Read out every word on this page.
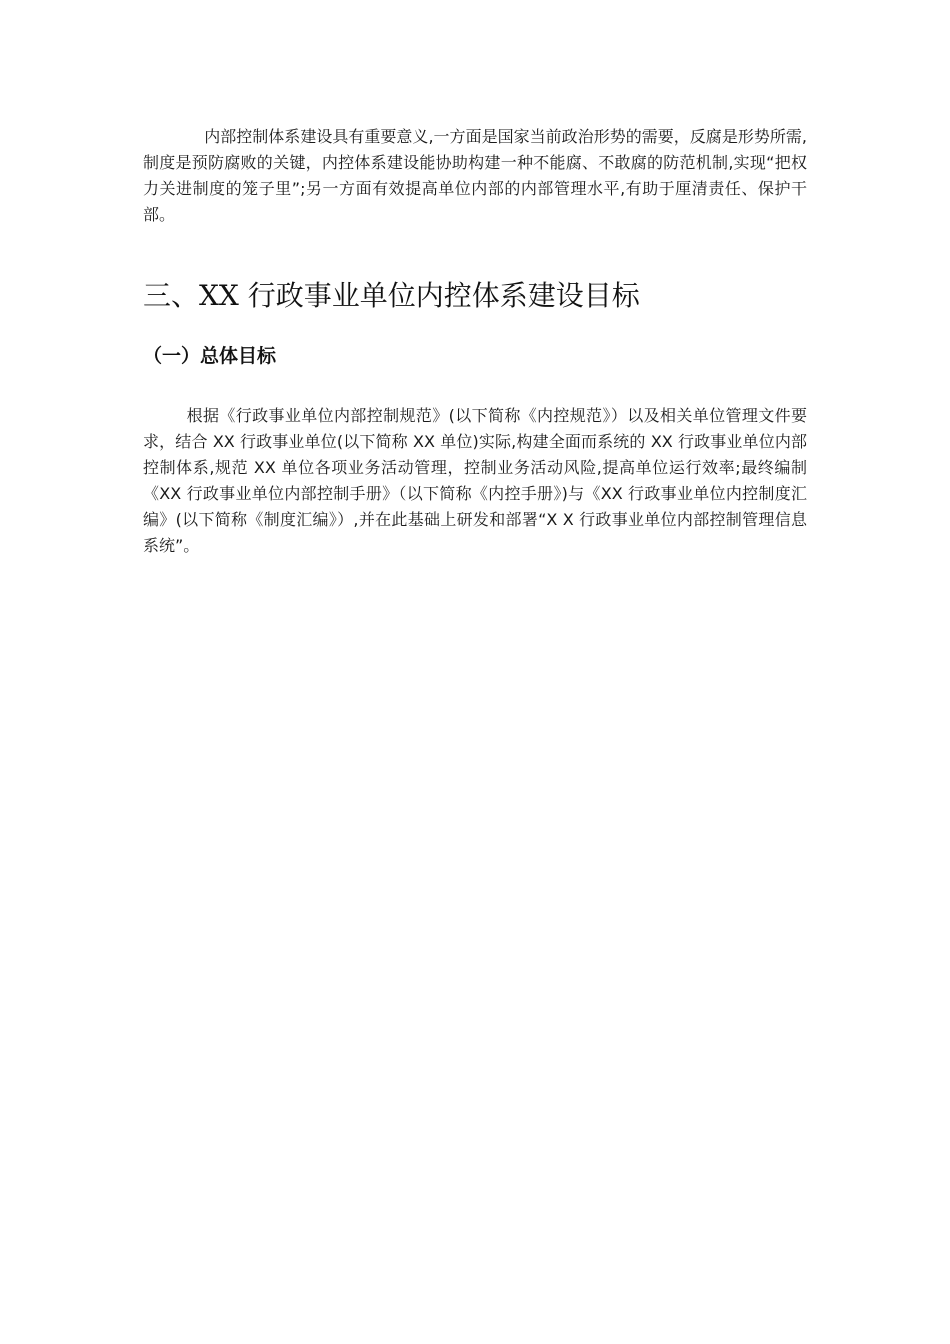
内部控制体系建设具有重要意义,一方面是国家当前政治形势的需要，反腐是形势所需,制度是预防腐败的关键，内控体系建设能协助构建一种不能腐、不敢腐的防范机制,实现“把权力关进制度的笼子里”;另一方面有效提高单位内部的内部管理水平,有助于厘清责任、保护干部。

三、XX 行政事业单位内控体系建设目标
（一）总体目标

根据《行政事业单位内部控制规范》(以下简称《内控规范》）以及相关单位管理文件要求，结合 XX 行政事业单位(以下简称 XX 单位)实际,构建全面而系统的 XX 行政事业单位内部控制体系,规范 XX 单位各项业务活动管理，控制业务活动风险,提高单位运行效率;最终编制《XX 行政事业单位内部控制手册》（以下简称《内控手册》)与《XX 行政事业单位内控制度汇编》(以下简称《制度汇编》）,并在此基础上研发和部署“X X 行政事业单位内部控制管理信息系统”。
